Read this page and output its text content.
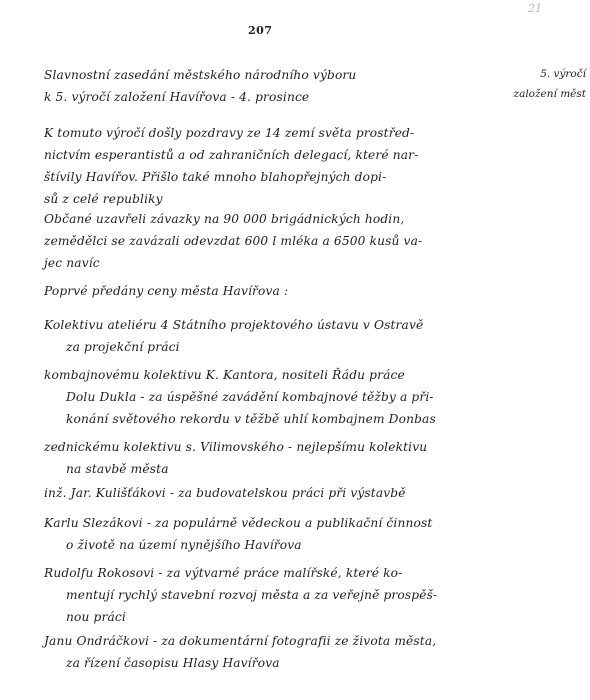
207
21
5. výročí
založení měst
Slavnostní zasedání městského národního výboru
k 5. výročí založení Havířova - 4. prosince
K tomuto výročí došly pozdravy ze 14 zemí světa prostřed-
nictvím esperantistů a od zahraničních delegací, které nar-
štívily Havířov. Přišlo také mnoho blahopřejných dopi-
sů z celé republiky
Občané uzavřeli závazky na 90 000 brigádnických hodin,
zemědělci se zavázali odevzdat 600 l mléka a 6500 kusů va-
jec navíc
Poprvé předány ceny města Havířova :
Kolektivu ateliéru 4 Státního projektového ústavu v Ostravě
za projekční práci
kombajnovému kolektivu K. Kantora, nositeli Řádu práce
Dolu Dukla - za úspěšné zavádění kombajnové těžby a při-
konání světového rekordu v těžbě uhlí kombajnem Donbas
zednickému kolektivu s. Vilimovského - nejlepšímu kolektivu
na stavbě města
inž. Jar. Kulišťákovi - za budovatelskou práci při výstavbě
Karlu Slezákovi - za populárně vědeckou a publikační činnost
o životě na území nynějšího Havířova
Rudolfu Rokosovi - za výtvarné práce malířské, které ko-
mentují rychlý stavební rozvoj města a za veřejně prospěš-
nou práci
Janu Ondráčkovi - za dokumentární fotografii ze života města,
za řízení časopisu Hlasy Havířova
